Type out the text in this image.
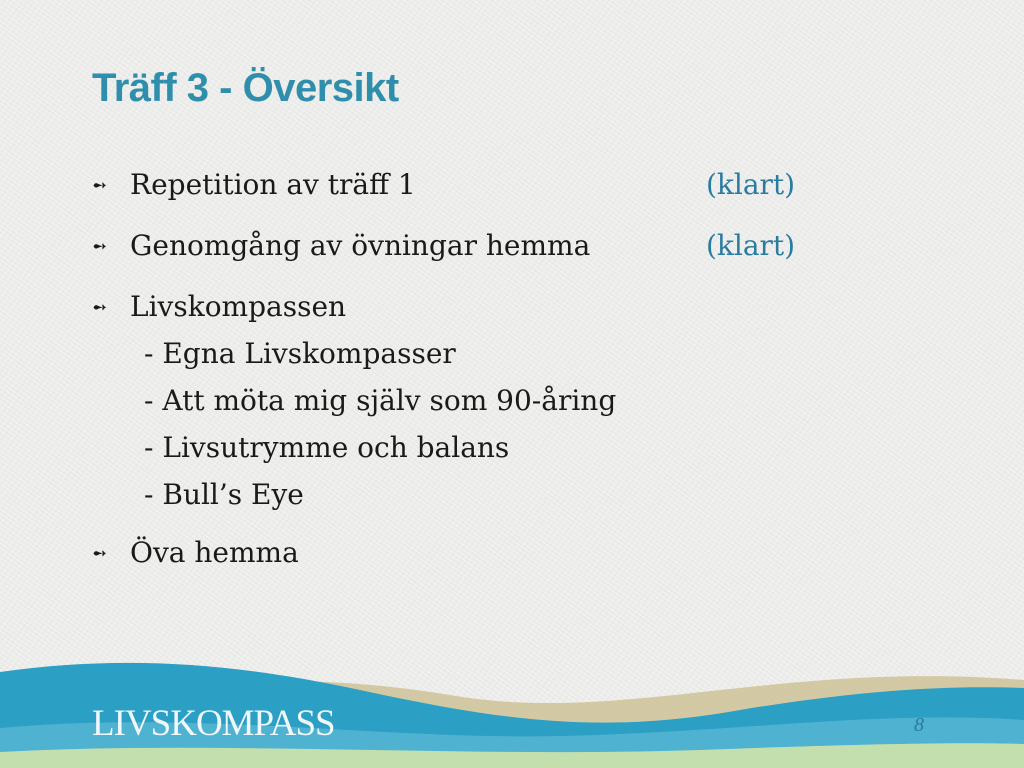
Träff 3 - Översikt
➻ Repetition av träff 1	(klart)
➻ Genomgång av övningar hemma	(klart)
➻ Livskompassen
- Egna Livskompasser
- Att möta mig själv som 90-åring
- Livsutrymme och balans
- Bull’s Eye
➻ Öva hemma
LIVSKOMPASS	8
